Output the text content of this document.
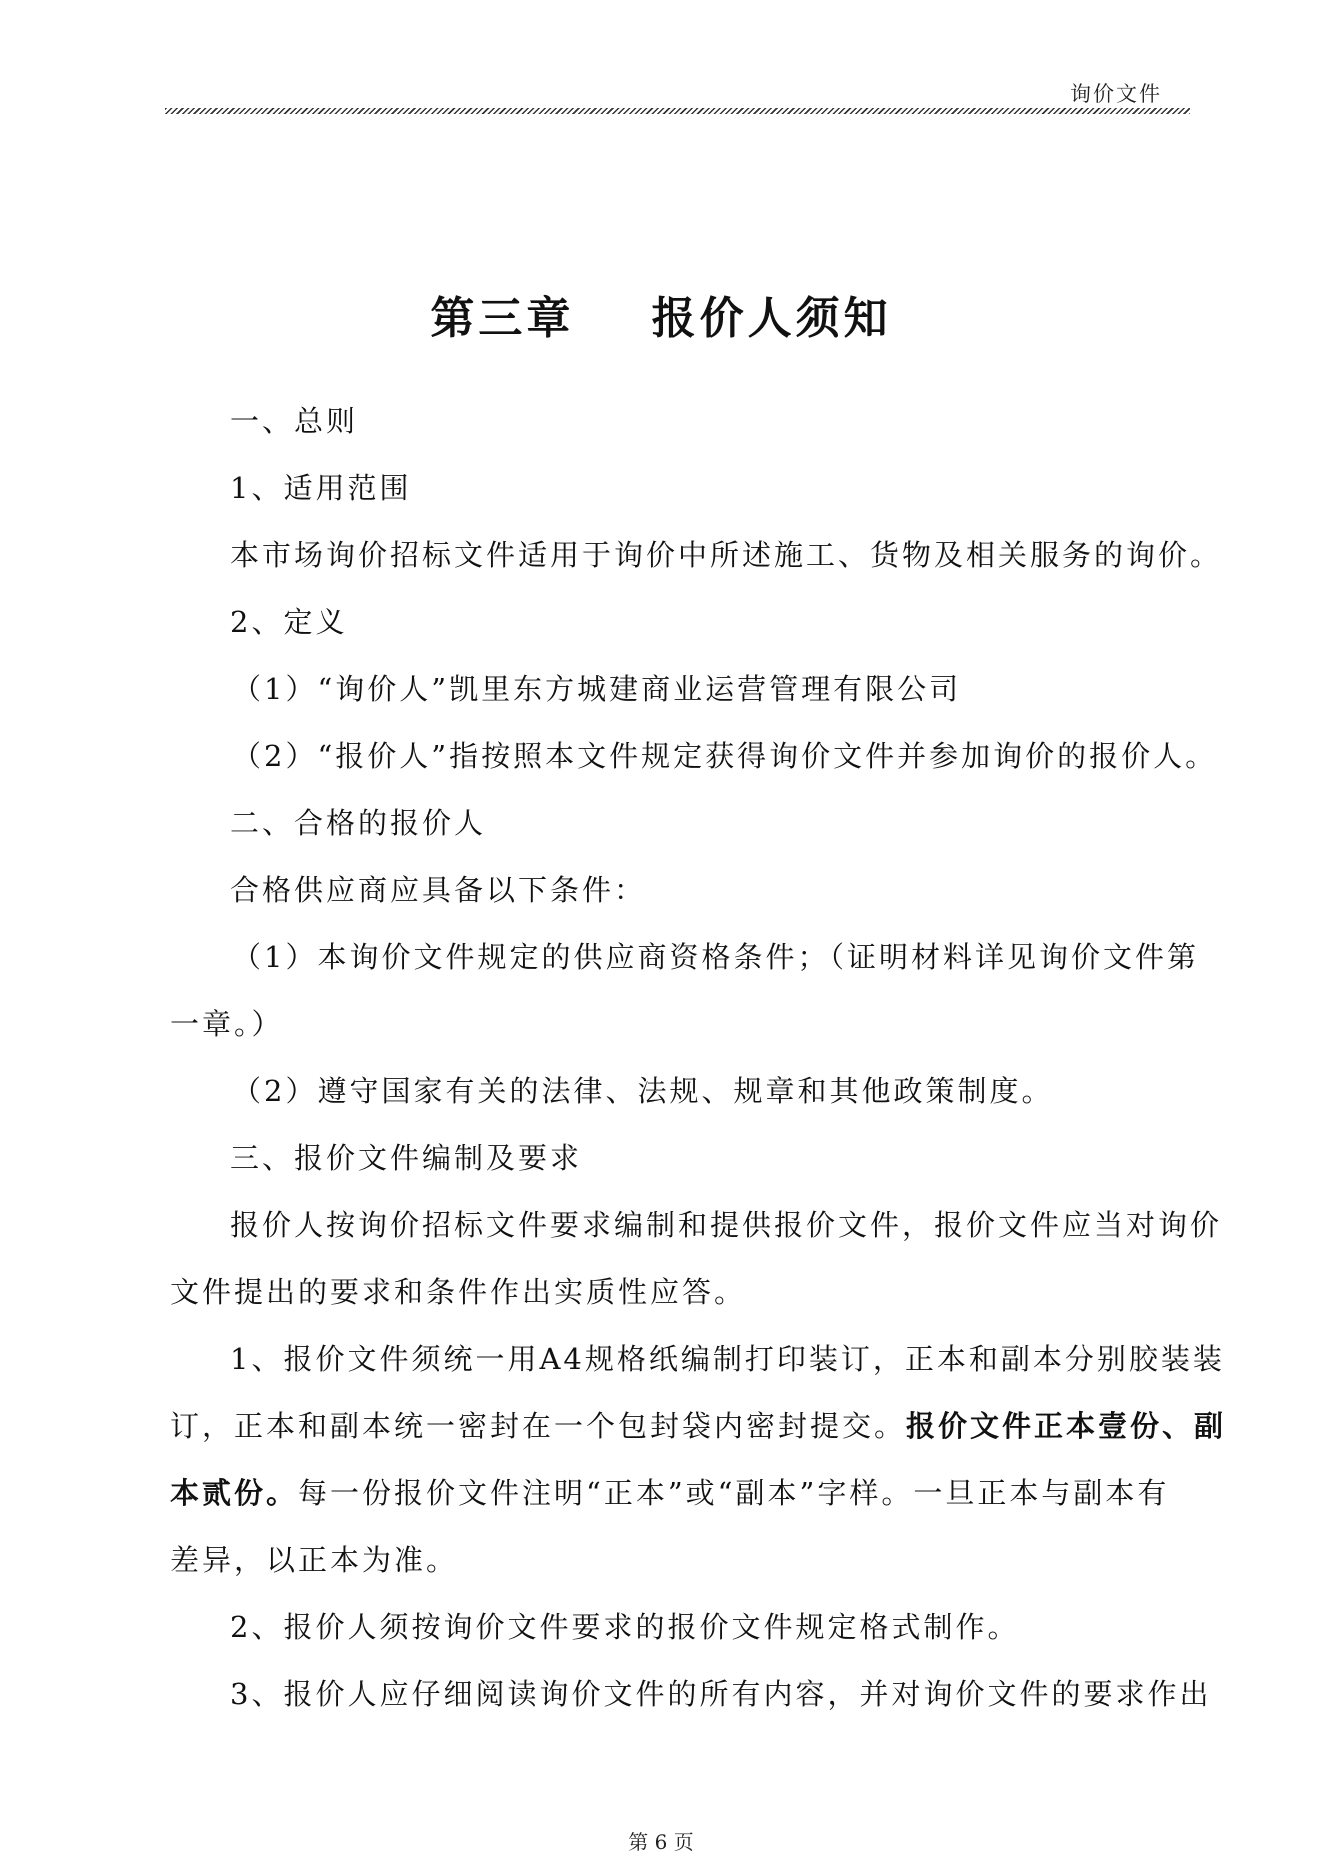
询价文件
第三章    报价人须知
一、总则
1、适用范围
本市场询价招标文件适用于询价中所述施工、货物及相关服务的询价。
2、定义
（1）“询价人”凯里东方城建商业运营管理有限公司
（2）“报价人”指按照本文件规定获得询价文件并参加询价的报价人。
二、合格的报价人
合格供应商应具备以下条件：
（1）本询价文件规定的供应商资格条件；（证明材料详见询价文件第
一章。）
（2）遵守国家有关的法律、法规、规章和其他政策制度。
三、报价文件编制及要求
报价人按询价招标文件要求编制和提供报价文件，报价文件应当对询价
文件提出的要求和条件作出实质性应答。
1、报价文件须统一用A4规格纸编制打印装订，正本和副本分别胶装装
订，正本和副本统一密封在一个包封袋内密封提交。报价文件正本壹份、副
本贰份。每一份报价文件注明“正本”或“副本”字样。一旦正本与副本有
差异，以正本为准。
2、报价人须按询价文件要求的报价文件规定格式制作。
3、报价人应仔细阅读询价文件的所有内容，并对询价文件的要求作出
第 6 页
